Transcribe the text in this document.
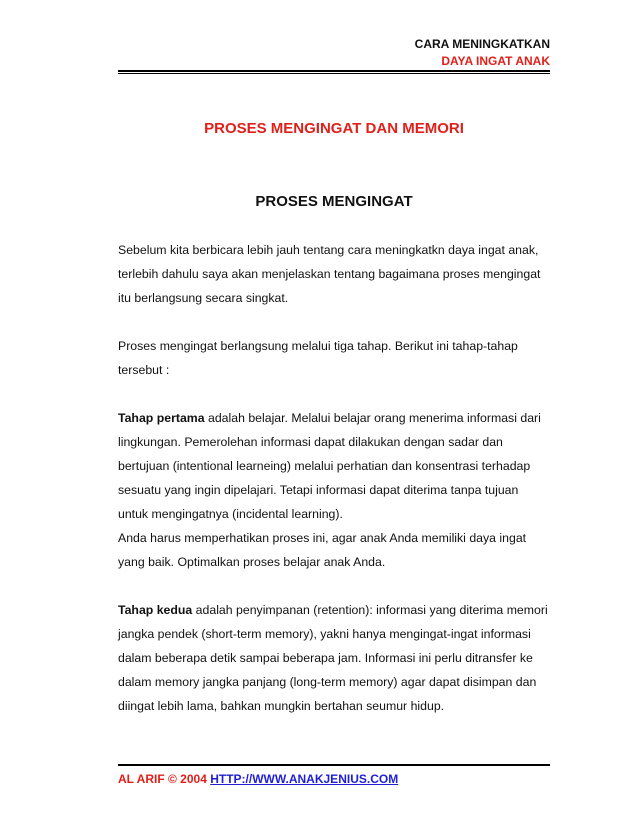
CARA MENINGKATKAN
DAYA INGAT ANAK
PROSES MENGINGAT DAN MEMORI
PROSES MENGINGAT

Sebelum kita berbicara lebih jauh tentang cara meningkatkn daya ingat anak, terlebih dahulu saya akan menjelaskan tentang bagaimana proses mengingat itu berlangsung secara singkat.

Proses mengingat berlangsung melalui tiga tahap. Berikut ini tahap-tahap tersebut :

Tahap pertama adalah belajar. Melalui belajar orang menerima informasi dari lingkungan. Pemerolehan informasi dapat dilakukan dengan sadar dan bertujuan (intentional learneing) melalui perhatian dan konsentrasi terhadap sesuatu yang ingin dipelajari. Tetapi informasi dapat diterima tanpa tujuan untuk mengingatnya (incidental learning).
Anda harus memperhatikan proses ini, agar anak Anda memiliki daya ingat yang baik. Optimalkan proses belajar anak Anda.

Tahap kedua adalah penyimpanan (retention): informasi yang diterima memori jangka pendek (short-term memory), yakni hanya mengingat-ingat informasi dalam beberapa detik sampai beberapa jam. Informasi ini perlu ditransfer ke dalam memory jangka panjang (long-term memory) agar dapat disimpan dan diingat lebih lama, bahkan mungkin bertahan seumur hidup.

AL ARIF © 2004 HTTP://WWW.ANAKJENIUS.COM
